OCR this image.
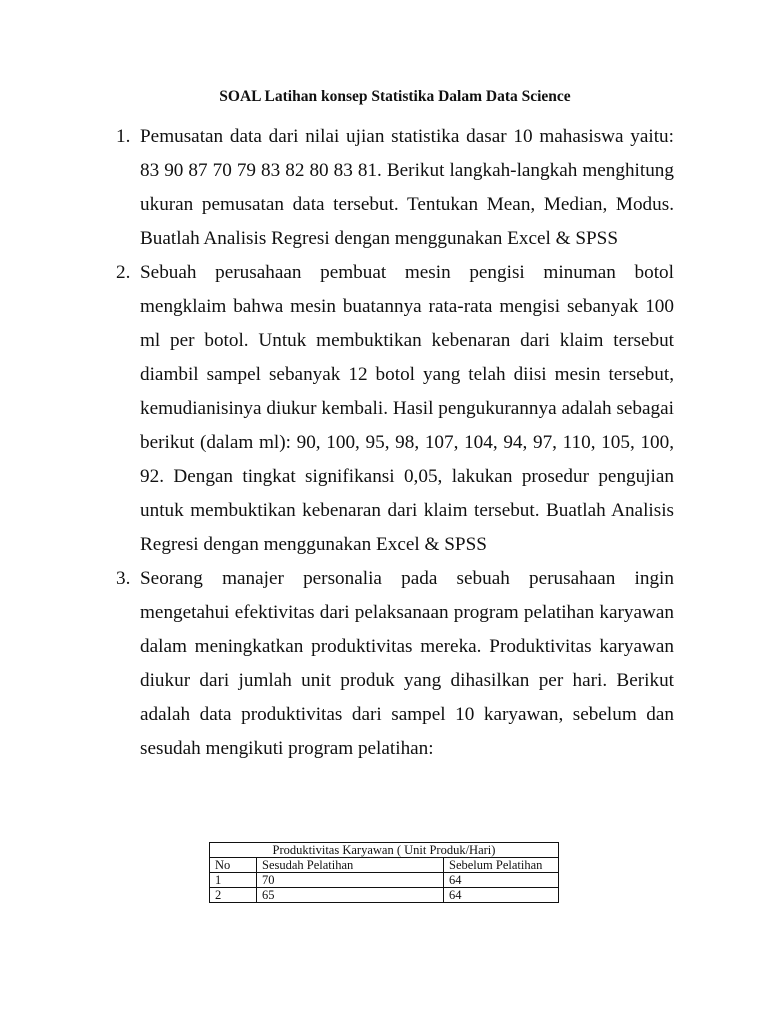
SOAL Latihan konsep Statistika Dalam Data Science
1. Pemusatan data dari nilai ujian statistika dasar 10 mahasiswa yaitu: 83 90 87 70 79 83 82 80 83 81. Berikut langkah-langkah menghitung ukuran pemusatan data tersebut. Tentukan Mean, Median, Modus. Buatlah Analisis Regresi dengan menggunakan Excel & SPSS
2. Sebuah perusahaan pembuat mesin pengisi minuman botol mengklaim bahwa mesin buatannya rata-rata mengisi sebanyak 100 ml per botol. Untuk membuktikan kebenaran dari klaim tersebut diambil sampel sebanyak 12 botol yang telah diisi mesin tersebut, kemudianisinya diukur kembali. Hasil pengukurannya adalah sebagai berikut (dalam ml): 90, 100, 95, 98, 107, 104, 94, 97, 110, 105, 100, 92. Dengan tingkat signifikansi 0,05, lakukan prosedur pengujian untuk membuktikan kebenaran dari klaim tersebut. Buatlah Analisis Regresi dengan menggunakan Excel & SPSS
3. Seorang manajer personalia pada sebuah perusahaan ingin mengetahui efektivitas dari pelaksanaan program pelatihan karyawan dalam meningkatkan produktivitas mereka. Produktivitas karyawan diukur dari jumlah unit produk yang dihasilkan per hari. Berikut adalah data produktivitas dari sampel 10 karyawan, sebelum dan sesudah mengikuti program pelatihan:
Produktivitas Karyawan ( Unit Produk/Hari)		
No	Sesudah Pelatihan	Sebelum Pelatihan
1	70	64
2	65	64
